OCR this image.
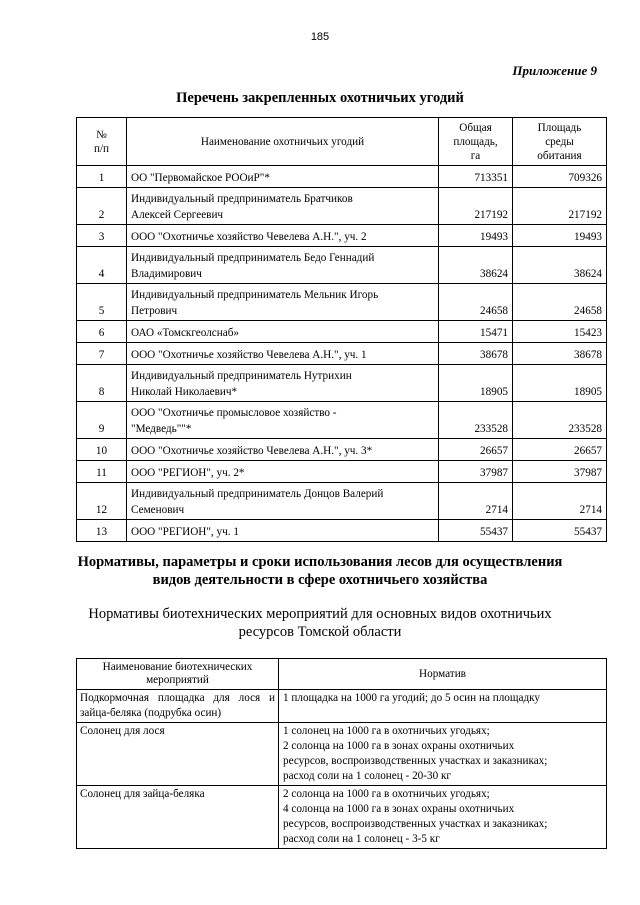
185
Приложение 9
Перечень закрепленных охотничьих угодий
№
п/п	Наименование охотничьих угодий	Общая
площадь,
га	Площадь
среды
обитания
1	ОО "Первомайское РООиР"*	713351	709326
2	Индивидуальный предприниматель Братчиков
Алексей Сергеевич	217192	217192
3	ООО "Охотничье хозяйство Чевелева А.Н.", уч. 2	19493	19493
4	Индивидуальный предприниматель Бедо Геннадий
Владимирович	38624	38624
5	Индивидуальный предприниматель Мельник Игорь
Петрович	24658	24658
6	ОАО «Томскгеолснаб»	15471	15423
7	ООО "Охотничье хозяйство Чевелева А.Н.", уч. 1	38678	38678
8	Индивидуальный предприниматель Нутрихин
Николай Николаевич*	18905	18905
9	ООО "Охотничье промысловое хозяйство -
"Медведь""*	233528	233528
10	ООО "Охотничье хозяйство Чевелева А.Н.", уч. 3*	26657	26657
11	ООО "РЕГИОН", уч. 2*	37987	37987
12	Индивидуальный предприниматель Донцов Валерий
Семенович	2714	2714
13	ООО "РЕГИОН", уч. 1	55437	55437
Нормативы, параметры и сроки использования лесов для осуществления
видов деятельности в сфере охотничьего хозяйства
Нормативы биотехнических мероприятий для основных видов охотничьих
ресурсов Томской области
Наименование биотехнических
мероприятий	Норматив
Подкормочная площадка для лося и зайца-беляка (подрубка осин)	1 площадка на 1000 га угодий; до 5 осин на площадку
Солонец для лося	1 солонец на 1000 га в охотничьих угодьях;
2 солонца на 1000 га в зонах охраны охотничьих
ресурсов, воспроизводственных участках и заказниках;
расход соли на 1 солонец - 20-30 кг
Солонец для зайца-беляка	2 солонца на 1000 га в охотничьих угодьях;
4 солонца на 1000 га в зонах охраны охотничьих
ресурсов, воспроизводственных участках и заказниках;
расход соли на 1 солонец - 3-5 кг
